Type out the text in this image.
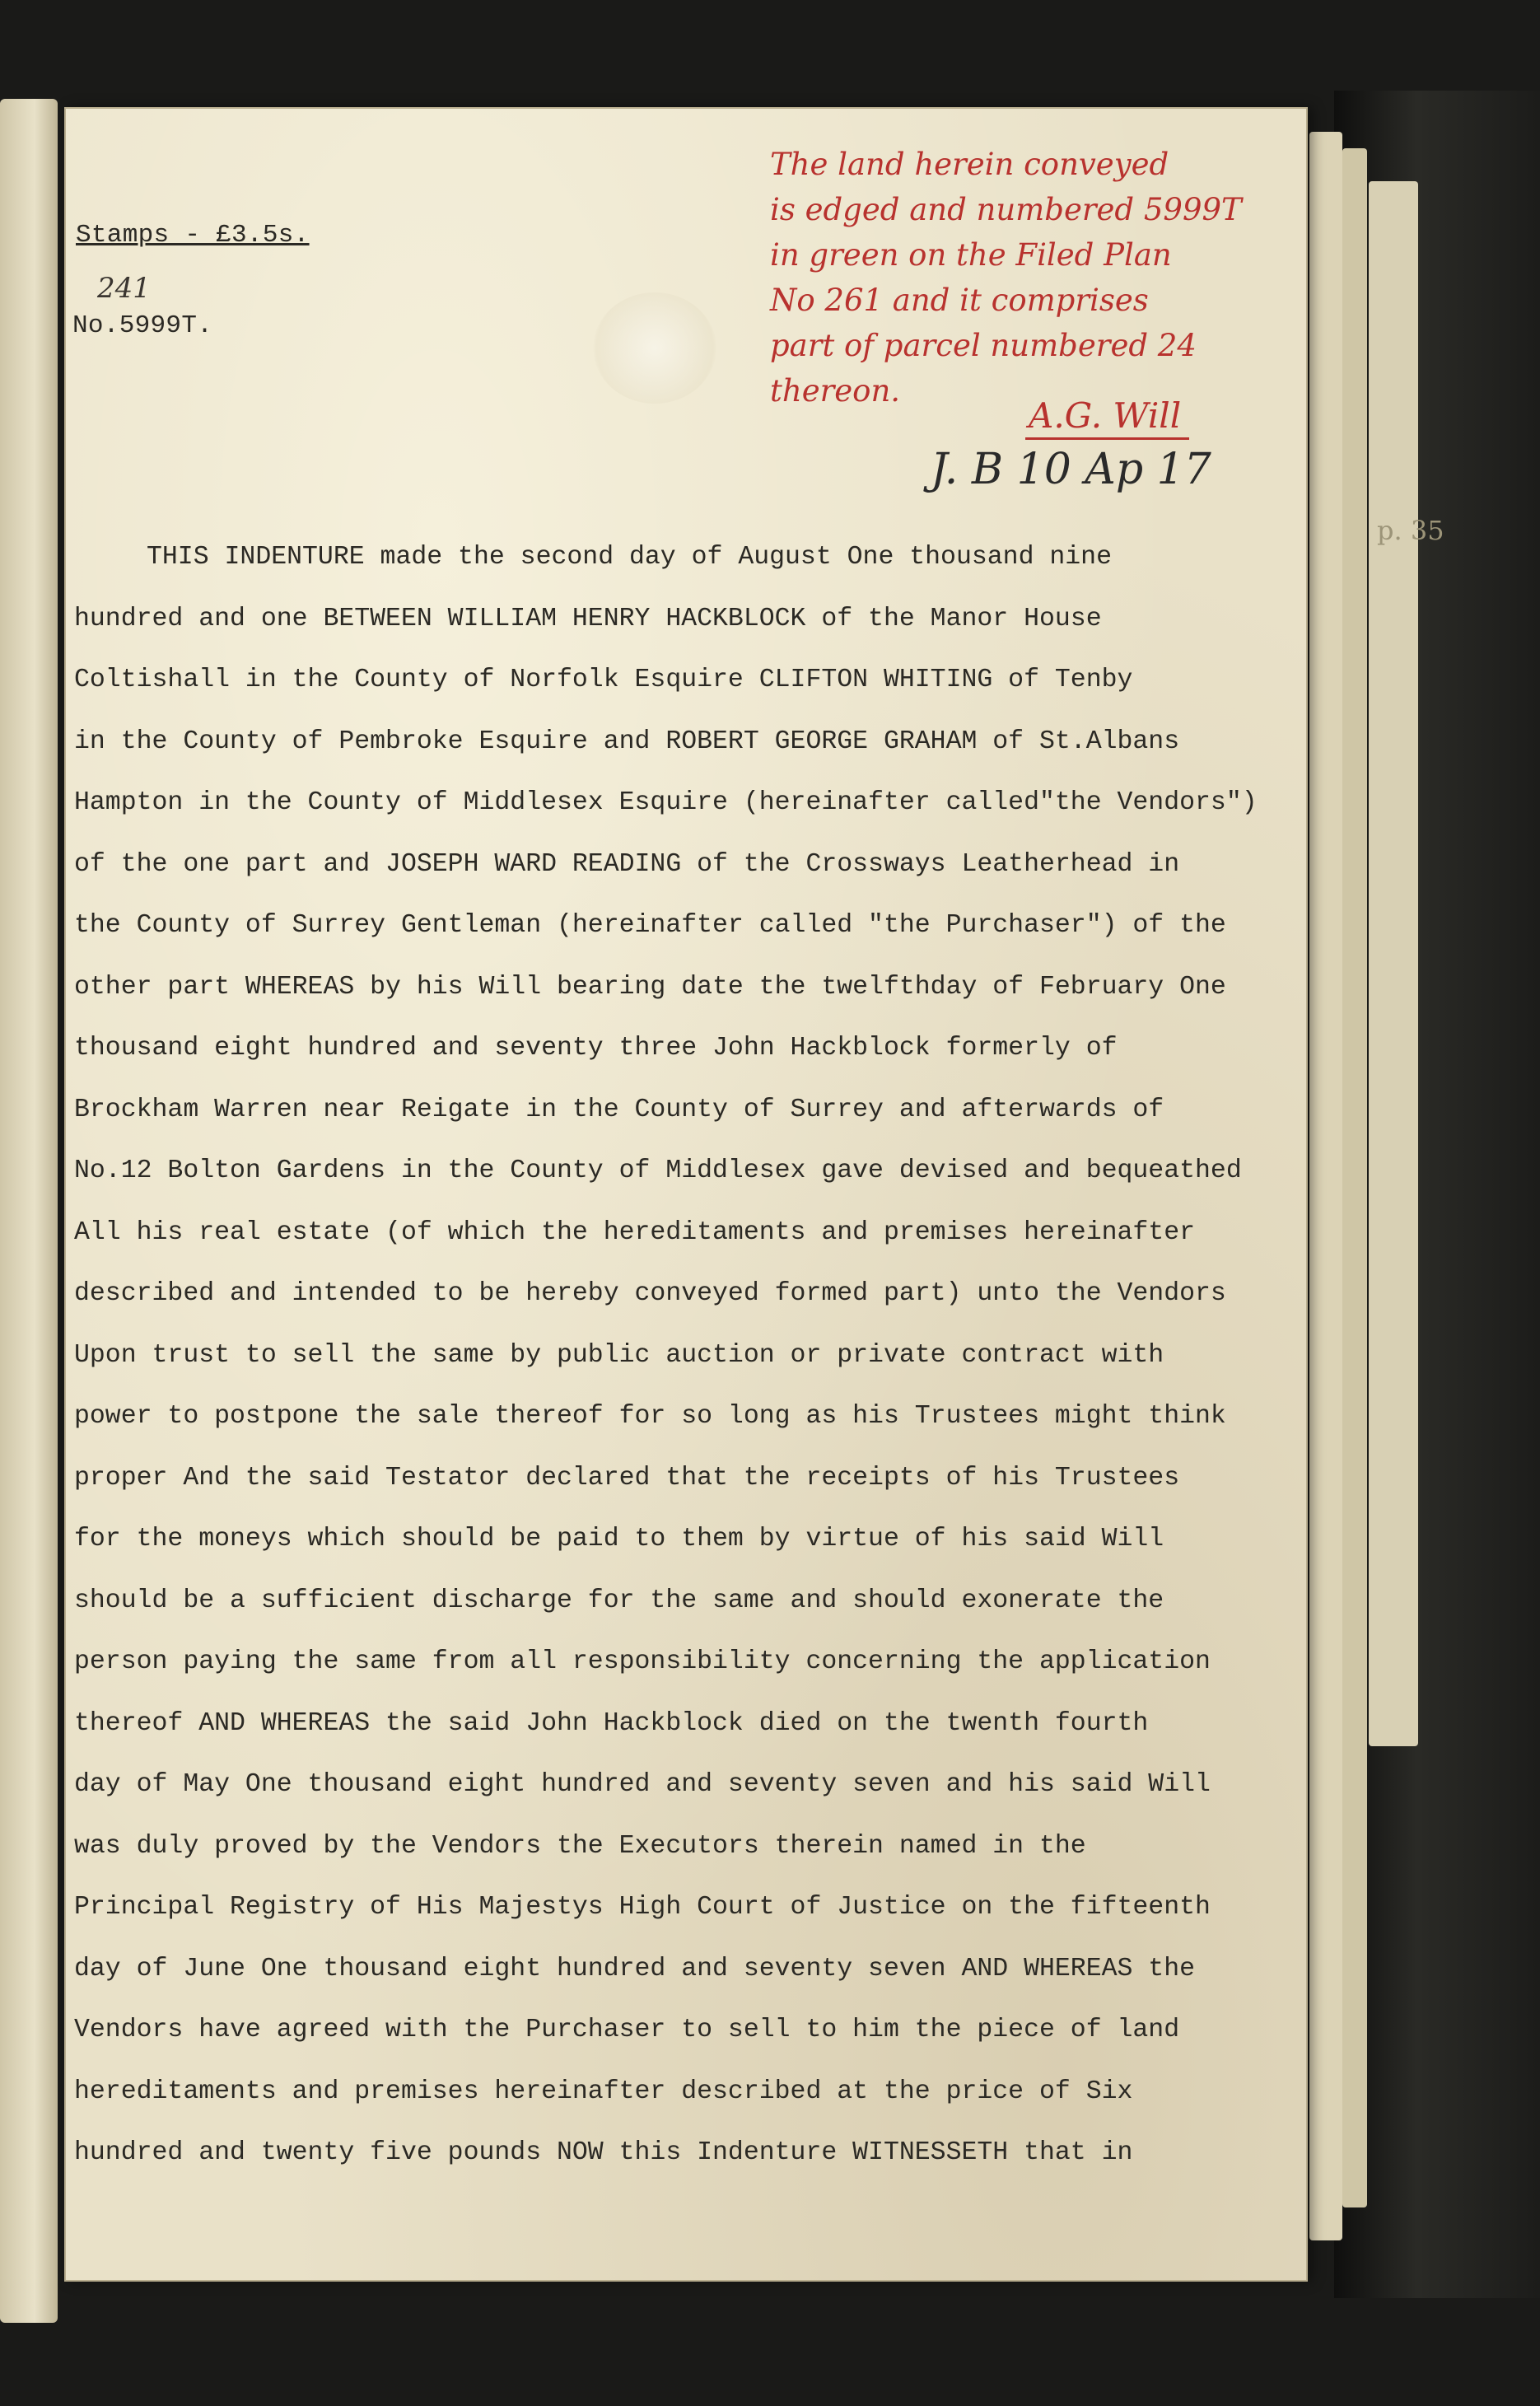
Stamps - £3.5s.
241
No.5999T.
The land herein conveyed
is edged and numbered 5999T
in green on the Filed Plan
No 261 and it comprises
part of parcel numbered 24
thereon.
A.G. Will
J. B 10 Ap 17
p. 35
THIS INDENTURE made the second day of August One thousand nine
hundred and one BETWEEN WILLIAM HENRY HACKBLOCK of the Manor House
Coltishall in the County of Norfolk Esquire CLIFTON WHITING of Tenby
in the County of Pembroke Esquire and ROBERT GEORGE GRAHAM of St.Albans
Hampton in the County of Middlesex Esquire (hereinafter called"the Vendors")
of the one part and JOSEPH WARD READING of the Crossways Leatherhead in
the County of Surrey Gentleman (hereinafter called "the Purchaser") of the
other part WHEREAS by his Will bearing date the twelfthday of February One
thousand eight hundred and seventy three John Hackblock formerly of
Brockham Warren near Reigate in the County of Surrey and afterwards of
No.12 Bolton Gardens in the County of Middlesex gave devised and bequeathed
All his real estate (of which the hereditaments and premises hereinafter
described and intended to be hereby conveyed formed part) unto the Vendors
Upon trust to sell the same by public auction or private contract with
power to postpone the sale thereof for so long as his Trustees might think
proper And the said Testator declared that the receipts of his Trustees
for the moneys which should be paid to them by virtue of his said Will
should be a sufficient discharge for the same and should exonerate the
person paying the same from all responsibility concerning the application
thereof AND WHEREAS the said John Hackblock died on the twenth fourth
day of May One thousand eight hundred and seventy seven and his said Will
was duly proved by the Vendors the Executors therein named in the
Principal Registry of His Majestys High Court of Justice on the fifteenth
day of June One thousand eight hundred and seventy seven AND WHEREAS the
Vendors have agreed with the Purchaser to sell to him the piece of land
hereditaments and premises hereinafter described at the price of Six
hundred and twenty five pounds NOW this Indenture WITNESSETH that in
